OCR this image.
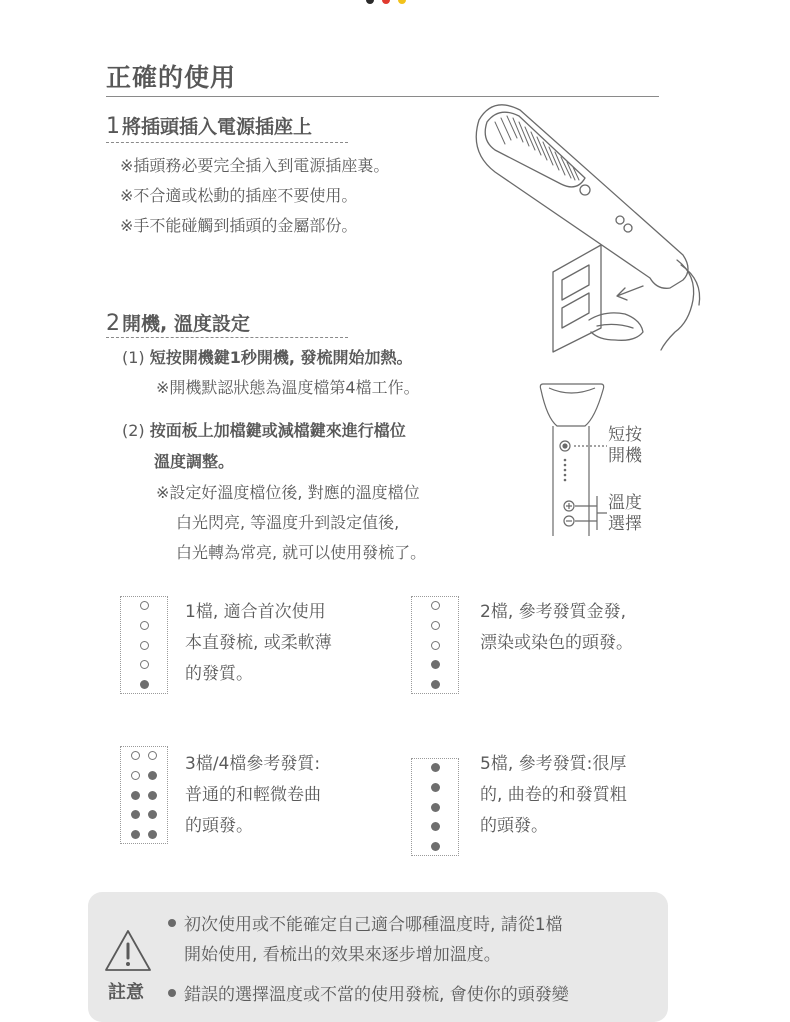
正確的使用
1 將插頭插入電源插座上
※插頭務必要完全插入到電源插座裏。
※不合適或松動的插座不要使用。
※手不能碰觸到插頭的金屬部份。
2 開機, 溫度設定
(1) 短按開機鍵1秒開機, 發梳開始加熱。
※開機默認狀態為溫度檔第4檔工作。
(2) 按面板上加檔鍵或減檔鍵來進行檔位
溫度調整。
※設定好溫度檔位後, 對應的溫度檔位
白光閃亮, 等溫度升到設定值後,
白光轉為常亮, 就可以使用發梳了。
短按
開機
溫度
選擇
1檔, 適合首次使用
本直發梳, 或柔軟薄
的發質。
2檔, 參考發質金發,
漂染或染色的頭發。
3檔/4檔參考發質:
普通的和輕微卷曲
的頭發。
5檔, 參考發質:很厚
的, 曲卷的和發質粗
的頭發。
註意
初次使用或不能確定自己適合哪種溫度時, 請從1檔
開始使用, 看梳出的效果來逐步增加溫度。
錯誤的選擇溫度或不當的使用發梳, 會使你的頭發變
